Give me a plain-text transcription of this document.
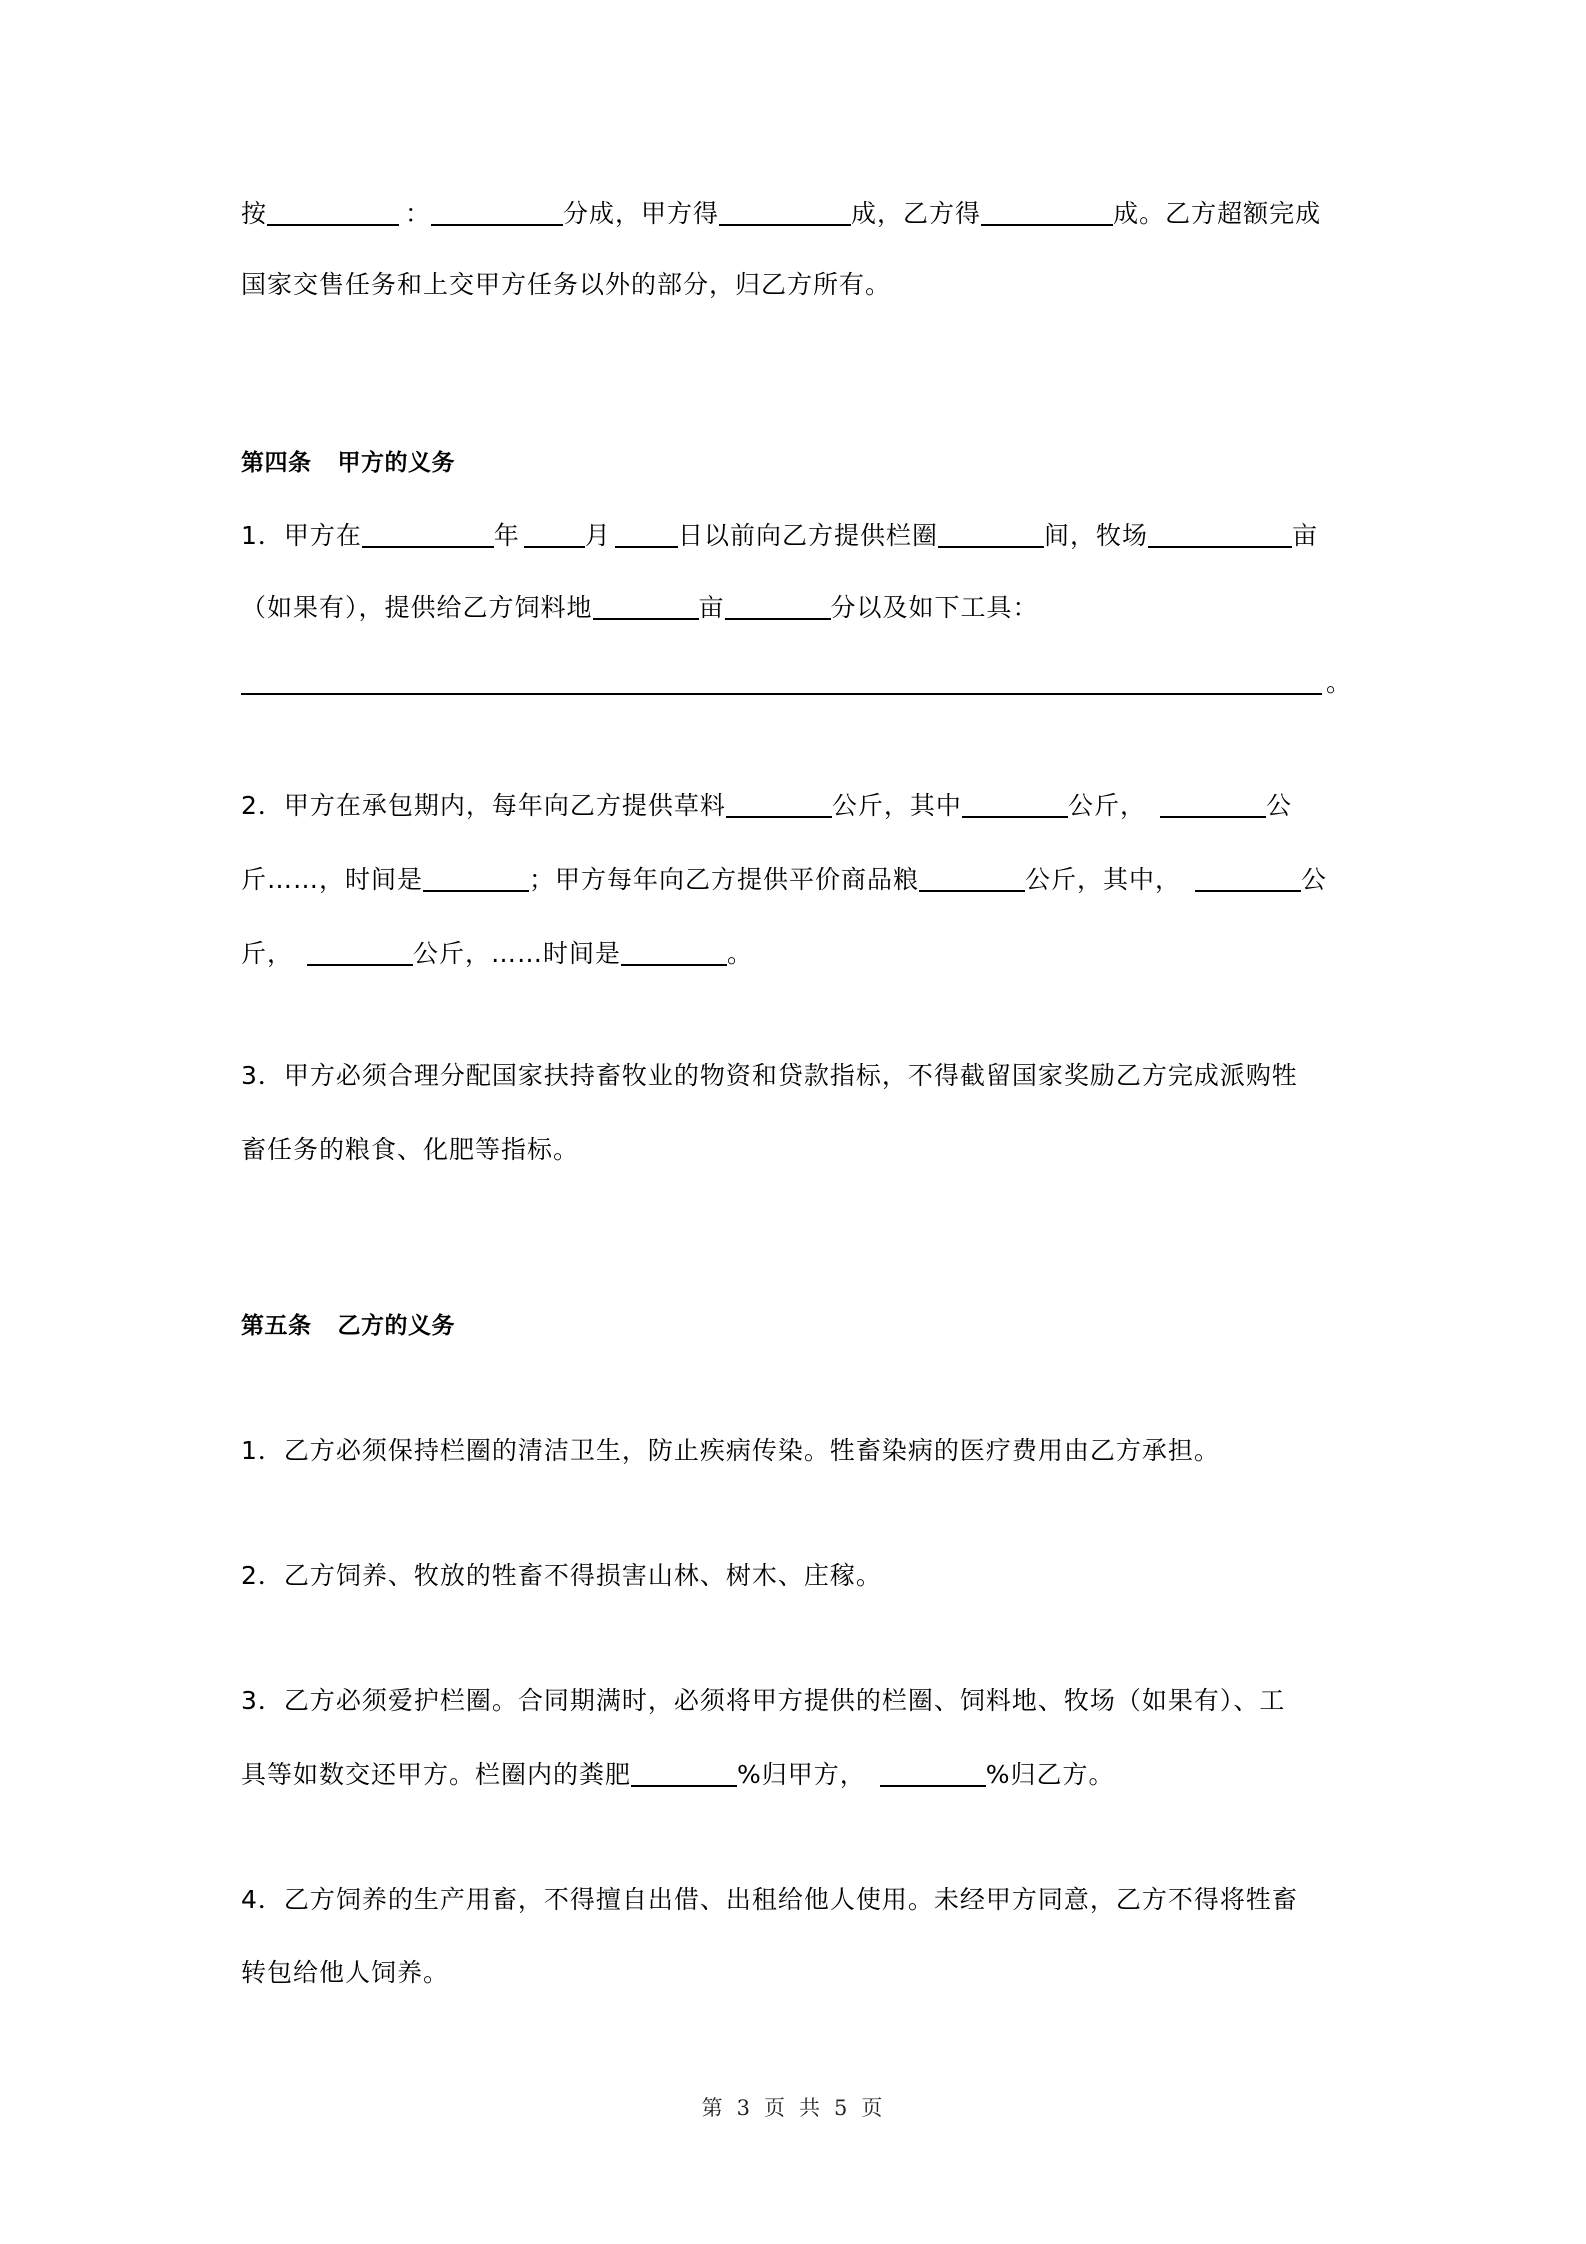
按	：	分成，甲方得	成，乙方得	成。乙方超额完成
国家交售任务和上交甲方任务以外的部分，归乙方所有。
第四条 甲方的义务
1．甲方在	年	月	日以前向乙方提供栏圈	间，牧场	亩
（如果有），提供给乙方饲料地	亩	分以及如下工具：
。
2．甲方在承包期内，每年向乙方提供草料	公斤，其中	公斤，	公
斤……，时间是	；甲方每年向乙方提供平价商品粮	公斤，其中，	公
斤，	公斤，……时间是	。
3．甲方必须合理分配国家扶持畜牧业的物资和贷款指标，不得截留国家奖励乙方完成派购牲
畜任务的粮食、化肥等指标。
第五条 乙方的义务
1．乙方必须保持栏圈的清洁卫生，防止疾病传染。牲畜染病的医疗费用由乙方承担。
2．乙方饲养、牧放的牲畜不得损害山林、树木、庄稼。
3．乙方必须爱护栏圈。合同期满时，必须将甲方提供的栏圈、饲料地、牧场（如果有）、工
具等如数交还甲方。栏圈内的粪肥	%归甲方，	%归乙方。
4．乙方饲养的生产用畜，不得擅自出借、出租给他人使用。未经甲方同意，乙方不得将牲畜
转包给他人饲养。
第 3 页 共 5 页
